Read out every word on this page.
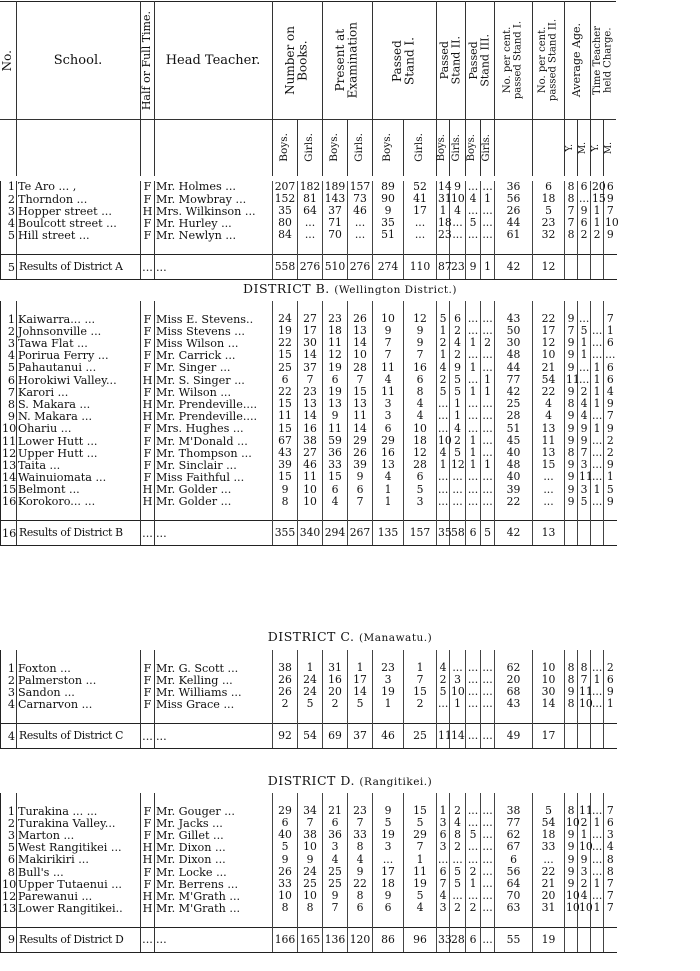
No.	School.	Half or Full Time.	Head Teacher.	Number on
Books.		Present at
Examination		Passed
Stand I.		Passed
Stand II.		Passed
Stand III.		No. per cent.
passed Stand I.	No. per cent.
passed Stand II.	Average Age.		Time Teacher
held Charge.	

				Boys.	Girls.	Boys.	Girls.	Boys.	Girls.	Boys.	Girls.	Boys.	Girls.			Y.	M.	Y.	M.
DISTRICT B. (Wellington District.)
DISTRICT C. (Manawatu.)
DISTRICT D. (Rangitikei.)
1	Te Aro ... ,	F	Mr. Holmes ...	207	182	189	157	89	52	14	9	...	...	36	6	8	6	20	6
2	Thorndon ...	F	Mr. Mowbray ...	152	81	143	73	90	41	31	10	4	1	56	18	8	...	15	9
3	Hopper street ...	H	Mrs. Wilkinson ...	35	64	37	46	9	17	1	4	...	...	26	5	7	9	1	7
4	Boulcott street ...	F	Mr. Hurley ...	80	...	71	...	35	...	18	...	5	...	44	23	7	6	1	10
5	Hill street ...	F	Mr. Newlyn ...	84	...	70	...	51	...	23	...	...	...	61	32	8	2	2	9

5	Results of District A	...	...	558	276	510	276	274	110	87	23	9	1	42	12				

1	Kaiwarra... ...	F	Miss E. Stevens..	24	27	23	26	10	12	5	6	...	...	43	22	9	...		7
2	Johnsonville ...	F	Miss Stevens ...	19	17	18	13	9	9	1	2	...	...	50	17	7	5	...	1
3	Tawa Flat ...	F	Miss Wilson ...	22	30	11	14	7	9	2	4	1	2	30	12	9	1	...	6
4	Porirua Ferry ...	F	Mr. Carrick ...	15	14	12	10	7	7	1	2	...	...	48	10	9	1	...	...
5	Pahautanui ...	F	Mr. Singer ...	25	37	19	28	11	16	4	9	1	...	44	21	9	...	1	6
6	Horokiwi Valley...	H	Mr. S. Singer ...	6	7	6	7	4	6	2	5	...	1	77	54	11	...	1	6
7	Karori ...	F	Mr. Wilson ...	22	23	19	15	11	8	5	5	1	1	42	22	9	2	1	4
8	S. Makara ...	H	Mr. Prendeville....	15	13	13	13	3	4	...	1	...	...	25	4	8	4	1	9
9	N. Makara ...	H	Mr. Prendeville....	11	14	9	11	3	4	...	1	...	...	28	4	9	4	...	7
10	Ohariu ...	F	Mrs. Hughes ...	15	16	11	14	6	10	...	4	...	...	51	13	9	9	1	9
11	Lower Hutt ...	F	Mr. M'Donald ...	67	38	59	29	29	18	10	2	1	...	45	11	9	9	...	2
12	Upper Hutt ...	F	Mr. Thompson ...	43	27	36	26	16	12	4	5	1	...	40	13	8	7	...	2
13	Taita ...	F	Mr. Sinclair ...	39	46	33	39	13	28	1	12	1	1	48	15	9	3	...	9
14	Wainuiomata ...	F	Miss Faithful ...	15	11	15	9	4	6	...	...	...	...	40	...	9	11	...	1
15	Belmont ...	H	Mr. Golder ...	9	10	6	6	1	5	...	...	...	...	39	...	9	3	1	5
16	Korokoro... ...	H	Mr. Golder ...	8	10	4	7	1	3	...	...	...	...	22	...	9	5	...	9

16	Results of District B	...	...	355	340	294	267	135	157	35	58	6	5	42	13				

1	Foxton ...	F	Mr. G. Scott ...	38	1	31	1	23	1	4	...	...	...	62	10	8	8	...	2
2	Palmerston ...	F	Mr. Kelling ...	26	24	16	17	3	7	2	3	...	...	20	10	8	7	1	6
3	Sandon ...	F	Mr. Williams ...	26	24	20	14	19	15	5	10	...	...	68	30	9	11	...	9
4	Carnarvon ...	F	Miss Grace ...	2	5	2	5	1	2	...	1	...	...	43	14	8	10	...	1

4	Results of District C	...	...	92	54	69	37	46	25	11	14	...	...	49	17				

1	Turakina ... ...	F	Mr. Gouger ...	29	34	21	23	9	15	1	2	...	...	38	5	8	11	...	7
2	Turakina Valley...	F	Mr. Jacks ...	6	7	6	7	5	5	3	4	...	...	77	54	10	2	1	6
3	Marton ...	F	Mr. Gillet ...	40	38	36	33	19	29	6	8	5	...	62	18	9	1	...	3
5	West Rangitikei ...	H	Mr. Dixon ...	5	10	3	8	3	7	3	2	...	...	67	33	9	10	...	4
6	Makirikiri ...	H	Mr. Dixon ...	9	9	4	4	...	1	...	...	...	...	6	...	9	9	...	8
8	Bull's ...	F	Mr. Locke ...	26	24	25	9	17	11	6	5	2	...	56	22	9	3	...	8
10	Upper Tutaenui ...	F	Mr. Berrens ...	33	25	25	22	18	19	7	5	1	...	64	21	9	2	1	7
12	Parewanui ...	H	Mr. M'Grath ...	10	10	9	8	9	5	4	...	...	...	70	20	10	4	...	7
13	Lower Rangitikei..	H	Mr. M'Grath ...	8	8	7	6	6	4	3	2	2	...	63	31	10	10	1	7

9	Results of District D	...	...	166	165	136	120	86	96	33	28	6	...	55	19				
